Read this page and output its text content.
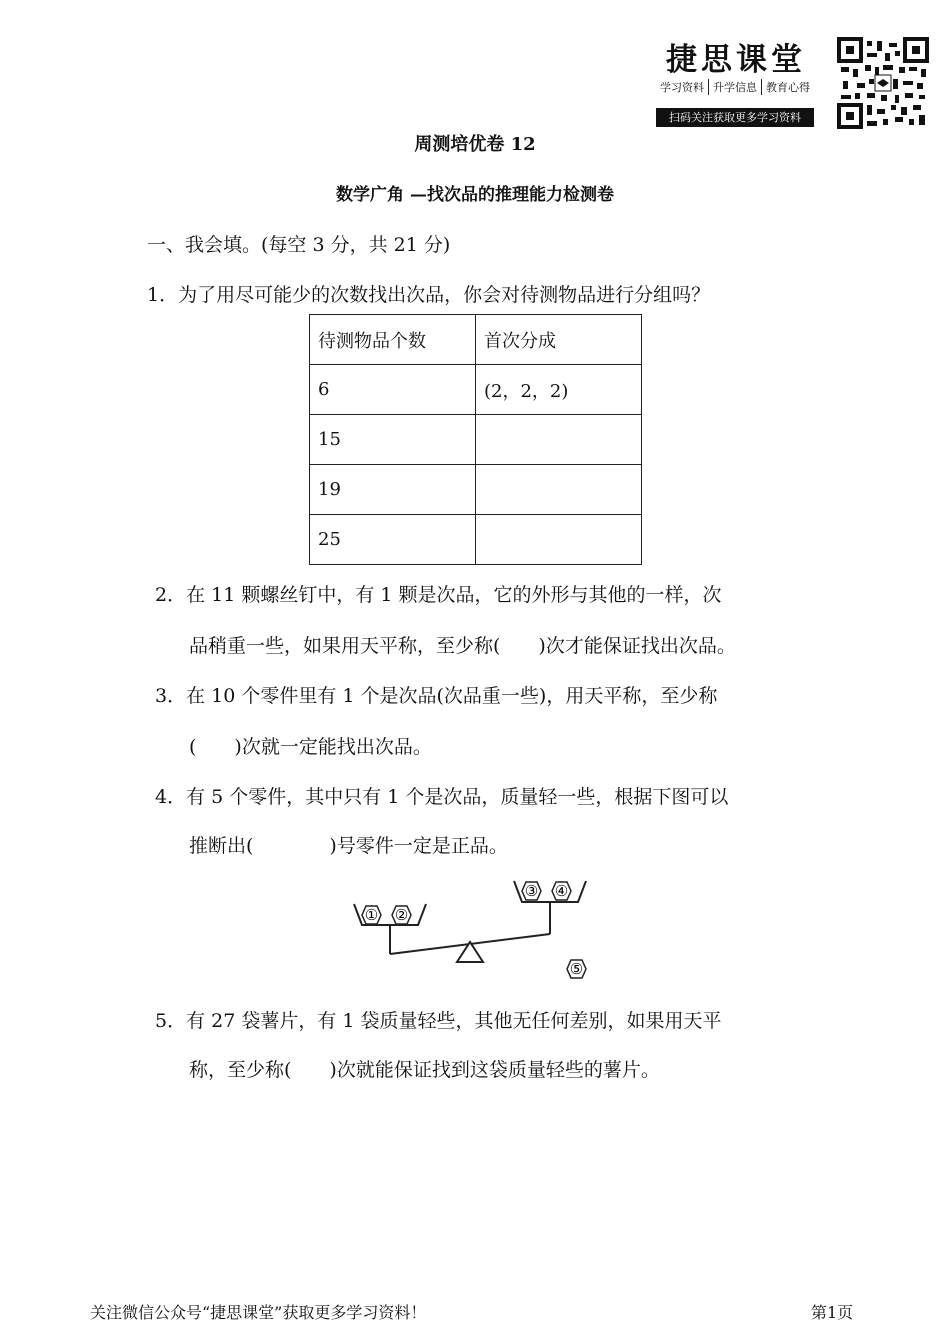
捷思课堂
学习资料 升学信息 教育心得
扫码关注获取更多学习资料
周测培优卷 12
数学广角 —找次品的推理能力检测卷
一、我会填。(每空 3 分，共 21 分)
1．为了用尽可能少的次数找出次品，你会对待测物品进行分组吗？
待测物品个数	首次分成
6	(2，2，2)
15	
19	
25	
2．在 11 颗螺丝钉中，有 1 颗是次品，它的外形与其他的一样，次
品稍重一些，如果用天平称，至少称(　　)次才能保证找出次品。
3．在 10 个零件里有 1 个是次品(次品重一些)，用天平称，至少称
(　　)次就一定能找出次品。
4．有 5 个零件，其中只有 1 个是次品，质量轻一些，根据下图可以
推断出(　　　　)号零件一定是正品。
① ②
③ ④
⑤
5．有 27 袋薯片，有 1 袋质量轻些，其他无任何差别，如果用天平
称，至少称(　　)次就能保证找到这袋质量轻些的薯片。
关注微信公众号“捷思课堂”获取更多学习资料！	第1页
